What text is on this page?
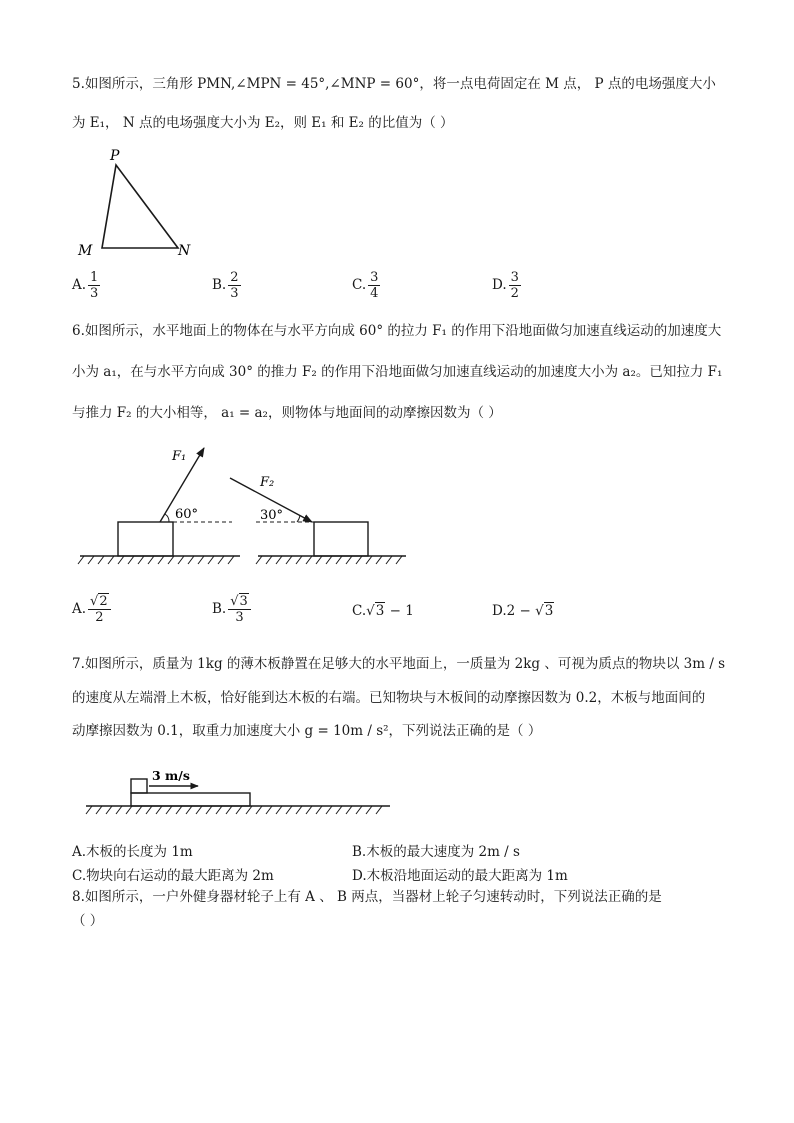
5.如图所示，三角形 PMN,∠MPN = 45°,∠MNP = 60°，将一点电荷固定在 M 点， P 点的电场强度大小
为 E₁， N 点的电场强度大小为 E₂，则 E₁ 和 E₂ 的比值为（ ）
P
M	N
A. $\frac{1}{3}$	B. $\frac{2}{3}$	C. $\frac{3}{4}$	D. $\frac{3}{2}$
6.如图所示，水平地面上的物体在与水平方向成 60° 的拉力 F₁ 的作用下沿地面做匀加速直线运动的加速度大
小为 a₁，在与水平方向成 30° 的推力 F₂ 的作用下沿地面做匀加速直线运动的加速度大小为 a₂。已知拉力 F₁
与推力 F₂ 的大小相等， a₁ = a₂，则物体与地面间的动摩擦因数为（ ）
F₁
60°
F₂
30°
A. $\frac{√2}{2}$	B. $\frac{√3}{3}$	C.√3 − 1	D.2 − √3
7.如图所示，质量为 1kg 的薄木板静置在足够大的水平地面上，一质量为 2kg 、可视为质点的物块以 3m / s
的速度从左端滑上木板，恰好能到达木板的右端。已知物块与木板间的动摩擦因数为 0.2，木板与地面间的
动摩擦因数为 0.1，取重力加速度大小 g = 10m / s²，下列说法正确的是（ ）
3 m/s
A.木板的长度为 1m	B.木板的最大速度为 2m / s
C.物块向右运动的最大距离为 2m	D.木板沿地面运动的最大距离为 1m
8.如图所示，一户外健身器材轮子上有 A 、 B 两点，当器材上轮子匀速转动时，下列说法正确的是
（ ）
